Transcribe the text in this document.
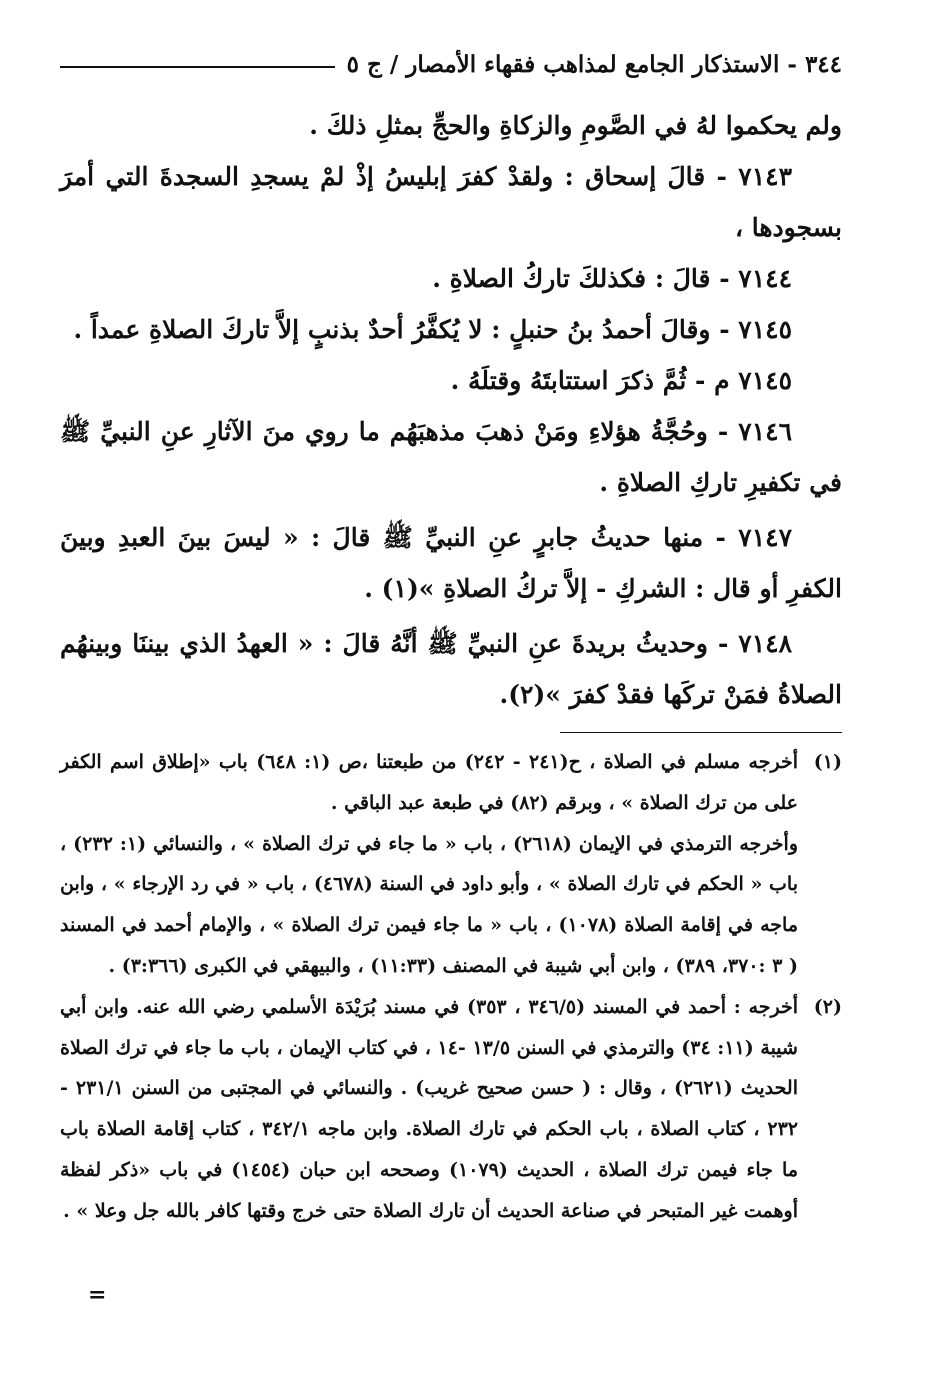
٣٤٤ - الاستذكار الجامع لمذاهب فقهاء الأمصار / ج ٥

ولم يحكموا لهُ في الصَّومِ والزكاةِ والحجِّ بمثلِ ذلكَ .

٧١٤٣ - قالَ إسحاق : ولقدْ كفرَ إبليسُ إذْ لمْ يسجدِ السجدةَ التي أمرَ بسجودها ،

٧١٤٤ - قالَ : فكذلكَ تاركُ الصلاةِ .

٧١٤٥ - وقالَ أحمدُ بنُ حنبلٍ : لا يُكفَّرُ أحدٌ بذنبٍ إلاَّ تاركَ الصلاةِ عمداً .

٧١٤٥ م - ثُمَّ ذكرَ استتابتَهُ وقتلَهُ .

٧١٤٦ - وحُجَّةُ هؤلاءِ ومَنْ ذهبَ مذهبَهُم ما روي منَ الآثارِ عنِ النبيِّ ﷺ في تكفيرِ تاركِ الصلاةِ .

٧١٤٧ - منها حديثُ جابرٍ عنِ النبيِّ ﷺ قالَ : « ليسَ بينَ العبدِ وبينَ الكفرِ أو قال : الشركِ - إلاَّ تركُ الصلاةِ »(١) .

٧١٤٨ - وحديثُ بريدةَ عنِ النبيِّ ﷺ أنَّهُ قالَ : « العهدُ الذي بيننَا وبينهُم الصلاةُ فمَنْ تركَها فقدْ كفرَ »(٢).

(١)

أخرجه مسلم في الصلاة ، ح(٢٤١ - ٢٤٢) من طبعتنا ،ص (١: ٦٤٨) باب «إطلاق اسم الكفر على من ترك الصلاة » ، وبرقم (٨٢) في طبعة عبد الباقي .

وأخرجه الترمذي في الإيمان (٢٦١٨) ، باب « ما جاء في ترك الصلاة » ، والنسائي (١: ٢٣٢) ، باب « الحكم في تارك الصلاة » ، وأبو داود في السنة (٤٦٧٨) ، باب « في رد الإرجاء » ، وابن ماجه في إقامة الصلاة (١٠٧٨) ، باب « ما جاء فيمن ترك الصلاة » ، والإمام أحمد في المسند ( ٣ :٣٧٠، ٣٨٩) ، وابن أبي شيبة في المصنف (١١:٣٣) ، والبيهقي في الكبرى (٣:٣٦٦) .

(٢)

أخرجه : أحمد في المسند (٣٤٦/٥ ، ٣٥٣) في مسند بُرَيْدَة الأسلمي رضي الله عنه. وابن أبي شيبة (١١: ٣٤) والترمذي في السنن ١٣/٥ -١٤ ، في كتاب الإيمان ، باب ما جاء في ترك الصلاة الحديث (٢٦٢١) ، وقال : ( حسن صحيح غريب) . والنسائي في المجتبى من السنن ٢٣١/١ - ٢٣٢ ، كتاب الصلاة ، باب الحكم في تارك الصلاة. وابن ماجه ٣٤٢/١ ، كتاب إقامة الصلاة باب ما جاء فيمن ترك الصلاة ، الحديث (١٠٧٩) وصححه ابن حبان (١٤٥٤) في باب «ذكر لفظة أوهمت غير المتبحر في صناعة الحديث أن تارك الصلاة حتى خرج وقتها كافر بالله جل وعلا » .

=
